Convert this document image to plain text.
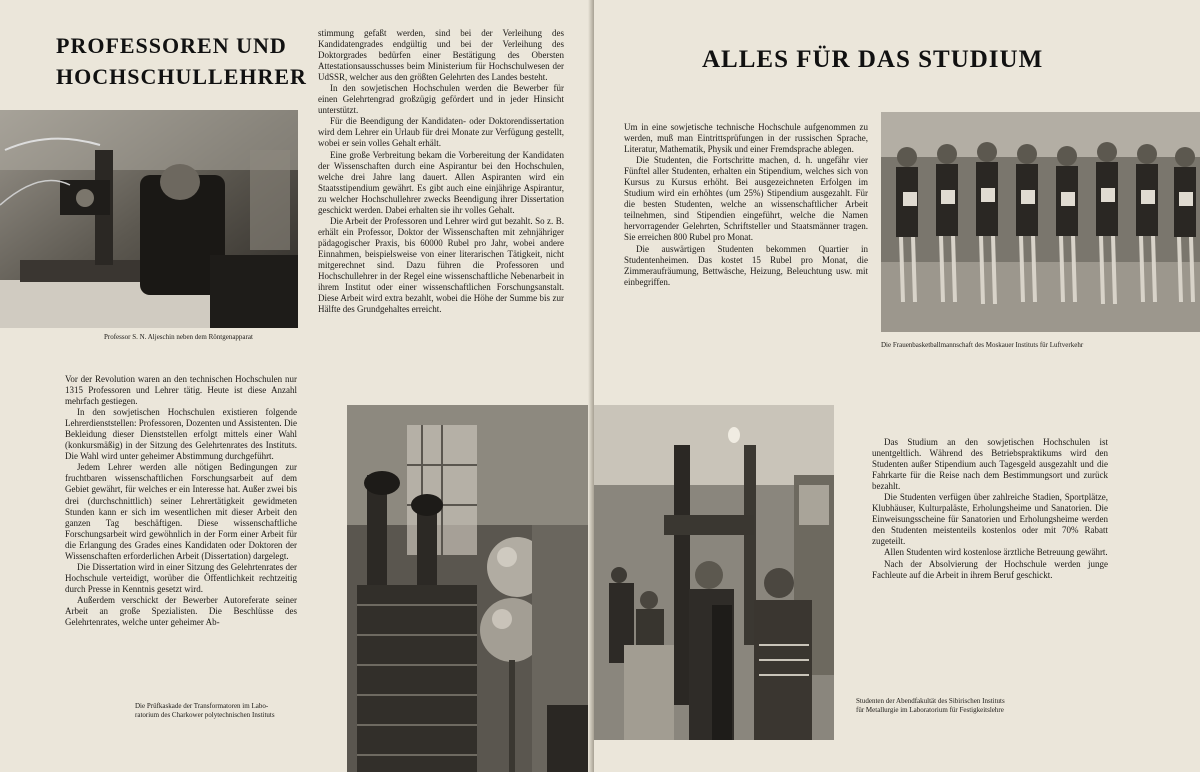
PROFESSOREN UND
HOCHSCHULLEHRER
Professor S. N. Aljeschin neben dem Röntgenapparat

Vor der Revolution waren an den technischen Hochschulen nur 1315 Professoren und Lehrer tätig. Heute ist diese Anzahl mehrfach gestiegen.

In den sowjetischen Hochschulen existieren folgende Lehrerdienststellen: Professoren, Dozenten und Assistenten. Die Bekleidung dieser Dienststellen erfolgt mittels einer Wahl (konkursmäßig) in der Sitzung des Gelehrtenrates des Instituts. Die Wahl wird unter geheimer Abstimmung durchgeführt.

Jedem Lehrer werden alle nötigen Bedingungen zur fruchtbaren wissenschaftlichen Forschungsarbeit auf dem Gebiet gewährt, für welches er ein Interesse hat. Außer zwei bis drei (durchschnittlich) seiner Lehrertätigkeit gewidmeten Stunden kann er sich im wesentlichen mit dieser Arbeit den ganzen Tag beschäftigen. Diese wissenschaftliche Forschungsarbeit wird gewöhnlich in der Form einer Arbeit für die Erlangung des Grades eines Kandidaten oder Doktoren der Wissenschaften erforderlichen Arbeit (Dissertation) dargelegt.

Die Dissertation wird in einer Sitzung des Gelehrtenrates der Hochschule verteidigt, worüber die Öffentlichkeit rechtzeitig durch Presse in Kenntnis gesetzt wird.

Außerdem verschickt der Bewerber Autoreferate seiner Arbeit an große Spezialisten. Die Beschlüsse des Gelehrtenrates, welche unter geheimer Ab-

stimmung gefaßt werden, sind bei der Verleihung des Kandidatengrades endgültig und bei der Verleihung des Doktorgrades bedürfen einer Bestätigung des Obersten Attestationsausschusses beim Ministerium für Hochschulwesen der UdSSR, welcher aus den größten Gelehrten des Landes besteht.

In den sowjetischen Hochschulen werden die Bewerber für einen Gelehrtengrad großzügig gefördert und in jeder Hinsicht unterstützt.

Für die Beendigung der Kandidaten- oder Doktorendissertation wird dem Lehrer ein Urlaub für drei Monate zur Verfügung gestellt, wobei er sein volles Gehalt erhält.

Eine große Verbreitung bekam die Vorbereitung der Kandidaten der Wissenschaften durch eine Aspirantur bei den Hochschulen, welche drei Jahre lang dauert. Allen Aspiranten wird ein Staatsstipendium gewährt. Es gibt auch eine einjährige Aspirantur, zu welcher Hochschullehrer zwecks Beendigung ihrer Dissertation geschickt werden. Dabei erhalten sie ihr volles Gehalt.

Die Arbeit der Professoren und Lehrer wird gut bezahlt. So z. B. erhält ein Professor, Doktor der Wissenschaften mit zehnjähriger pädagogischer Praxis, bis 60000 Rubel pro Jahr, wobei andere Einnahmen, beispielsweise von einer literarischen Tätigkeit, nicht mitgerechnet sind. Dazu führen die Professoren und Hochschullehrer in der Regel eine wissenschaftliche Nebenarbeit in ihrem Institut oder einer wissenschaftlichen Forschungsanstalt. Diese Arbeit wird extra bezahlt, wobei die Höhe der Summe bis zur Hälfte des Grundgehaltes erreicht.

Die Prüfkaskade der Transformatoren im Labo-
ratorium des Charkower polytechnischen Instituts
Studenten der Abendfakultät des Sibirischen Instituts
für Metallurgie im Laboratorium für Festigkeitslehre
ALLES FÜR DAS STUDIUM

Um in eine sowjetische technische Hochschule aufgenommen zu werden, muß man Eintrittsprüfungen in der russischen Sprache, Literatur, Mathematik, Physik und einer Fremdsprache ablegen.

Die Studenten, die Fortschritte machen, d. h. ungefähr vier Fünftel aller Studenten, erhalten ein Stipendium, welches sich von Kursus zu Kursus erhöht. Bei ausgezeichneten Erfolgen im Studium wird ein erhöhtes (um 25%) Stipendium ausgezahlt. Für die besten Studenten, welche an wissenschaftlicher Arbeit teilnehmen, sind Stipendien eingeführt, welche die Namen hervorragender Gelehrten, Schriftsteller und Staatsmänner tragen. Sie erreichen 800 Rubel pro Monat.

Die auswärtigen Studenten bekommen Quartier in Studentenheimen. Das kostet 15 Rubel pro Monat, die Zimmeraufräumung, Bettwäsche, Heizung, Beleuchtung usw. mit einbegriffen.

Die Frauenbasketballmannschaft des Moskauer Instituts für Luftverkehr

Das Studium an den sowjetischen Hochschulen ist unentgeltlich. Während des Betriebspraktikums wird den Studenten außer Stipendium auch Tagesgeld ausgezahlt und die Fahrkarte für die Reise nach dem Bestimmungsort und zurück bezahlt.

Die Studenten verfügen über zahlreiche Stadien, Sportplätze, Klubhäuser, Kulturpaläste, Erholungsheime und Sanatorien. Die Einweisungsscheine für Sanatorien und Erholungsheime werden den Studenten meistenteils kostenlos oder mit 70% Rabatt zugeteilt.

Allen Studenten wird kostenlose ärztliche Betreuung gewährt.

Nach der Absolvierung der Hochschule werden junge Fachleute auf die Arbeit in ihrem Beruf geschickt.
